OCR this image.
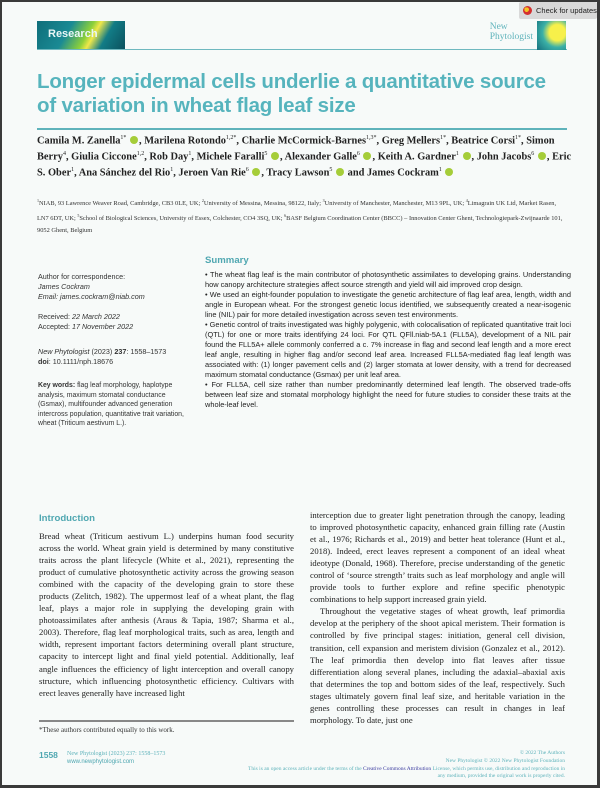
Check for updates
Research
New
Phytologist
Longer epidermal cells underlie a quantitative source of variation in wheat flag leaf size
Camila M. Zanella$^{1*}$ , Marilena Rotondo$^{1,2*}$, Charlie McCormick-Barnes$^{1,3*}$, Greg Mellers$^{1*}$, Beatrice Corsi$^{1*}$, Simon Berry$^4$, Giulia Ciccone$^{1,2}$, Rob Day$^1$, Michele Faralli$^5$ , Alexander Galle$^6$ , Keith A. Gardner$^1$ , John Jacobs$^6$ , Eric S. Ober$^1$, Ana Sánchez del Rio$^1$, Jeroen Van Rie$^6$ , Tracy Lawson$^5$  and James Cockram$^1$
$^1$NIAB, 93 Lawrence Weaver Road, Cambridge, CB3 0LE, UK; $^2$University of Messina, Messina, 98122, Italy; $^3$University of Manchester, Manchester, M13 9PL, UK; $^4$Limagrain UK Ltd, Market Rasen, LN7 6DT, UK; $^5$School of Biological Sciences, University of Essex, Colchester, CO4 3SQ, UK; $^6$BASF Belgium Coordination Center (BBCC) – Innovation Center Ghent, Technologiepark-Zwijnaarde 101, 9052 Ghent, Belgium
Author for correspondence:
James Cockram
Email: james.cockram@niab.com
Received: 22 March 2022
Accepted: 17 November 2022
New Phytologist (2023) 237: 1558–1573
doi: 10.1111/nph.18676
Key words: flag leaf morphology, haplotype analysis, maximum stomatal conductance (Gsmax), multifounder advanced generation intercross population, quantitative trait variation, wheat (Triticum aestivum L.).
Summary

• The wheat flag leaf is the main contributor of photosynthetic assimilates to developing grains. Understanding how canopy architecture strategies affect source strength and yield will aid improved crop design.

• We used an eight-founder population to investigate the genetic architecture of flag leaf area, length, width and angle in European wheat. For the strongest genetic locus identified, we subsequently created a near-isogenic line (NIL) pair for more detailed investigation across seven test environments.

• Genetic control of traits investigated was highly polygenic, with colocalisation of replicated quantitative trait loci (QTL) for one or more traits identifying 24 loci. For QTL QFll.niab-5A.1 (FLL5A), development of a NIL pair found the FLL5A+ allele commonly conferred a c. 7% increase in flag and second leaf length and a more erect leaf angle, resulting in higher flag and/or second leaf area. Increased FLL5A-mediated flag leaf length was associated with: (1) longer pavement cells and (2) larger stomata at lower density, with a trend for decreased maximum stomatal conductance (Gsmax) per unit leaf area.

• For FLL5A, cell size rather than number predominantly determined leaf length. The observed trade-offs between leaf size and stomatal morphology highlight the need for future studies to consider these traits at the whole-leaf level.

Introduction

Bread wheat (Triticum aestivum L.) underpins human food security across the world. Wheat grain yield is determined by many constitutive traits across the plant lifecycle (White et al., 2021), representing the product of cumulative photosynthetic activity across the growing season combined with the capacity of the developing grain to store these products (Zelitch, 1982). The uppermost leaf of a wheat plant, the flag leaf, plays a major role in supplying the developing grain with photoassimilates after anthesis (Araus & Tapia, 1987; Sharma et al., 2003). Therefore, flag leaf morphological traits, such as area, length and width, represent important factors determining overall plant structure, capacity to intercept light and final yield potential. Additionally, leaf angle influences the efficiency of light interception and overall canopy structure, which influencing photosynthetic efficiency. Cultivars with erect leaves generally have increased light

interception due to greater light penetration through the canopy, leading to improved photosynthetic capacity, enhanced grain filling rate (Austin et al., 1976; Richards et al., 2019) and better heat tolerance (Hunt et al., 2018). Indeed, erect leaves represent a component of an ideal wheat ideotype (Donald, 1968). Therefore, precise understanding of the genetic control of ‘source strength’ traits such as leaf morphology and angle will provide tools to further explore and refine specific phenotypic combinations to help support increased grain yield.

Throughout the vegetative stages of wheat growth, leaf primordia develop at the periphery of the shoot apical meristem. Their formation is controlled by five principal stages: initiation, general cell division, transition, cell expansion and meristem division (Gonzalez et al., 2012). The leaf primordia then develop into flat leaves after tissue differentiation along several planes, including the adaxial–abaxial axis that determines the top and bottom sides of the leaf, respectively. Such stages ultimately govern final leaf size, and heritable variation in the genes controlling these processes can result in changes in leaf morphology. To date, just one

*These authors contributed equally to this work.
1558 New Phytologist (2023) 237: 1558–1573
www.newphytologist.com
© 2022 The Authors
New Phytologist © 2022 New Phytologist Foundation
This is an open access article under the terms of the Creative Commons Attribution License, which permits use, distribution and reproduction in any medium, provided the original work is properly cited.
